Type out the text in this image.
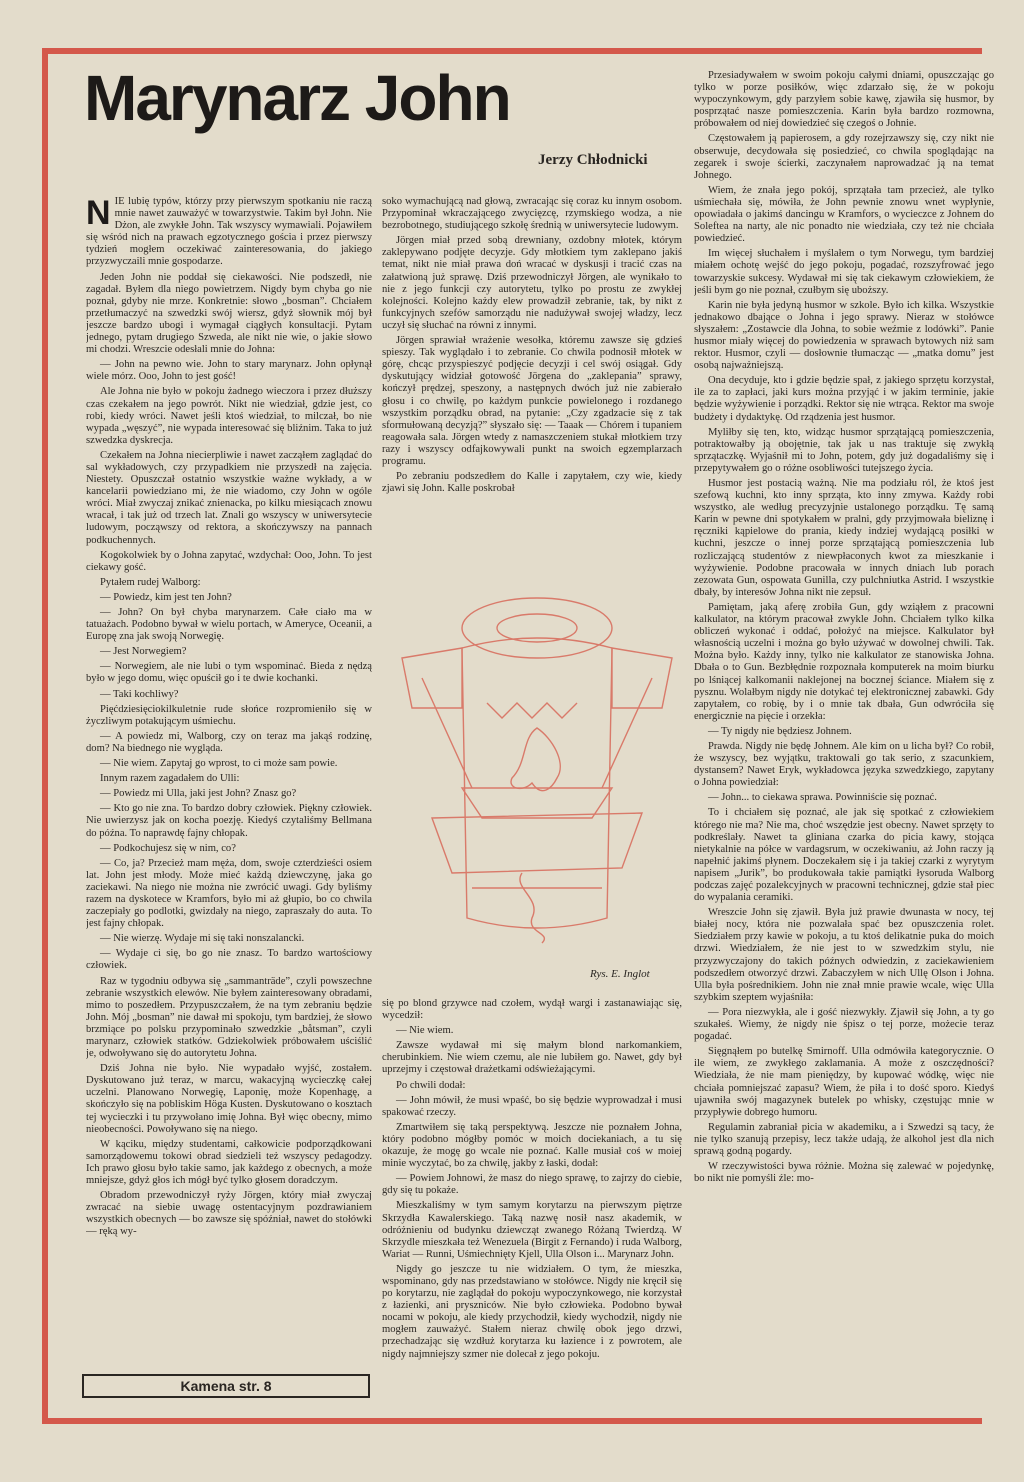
Marynarz John
Jerzy Chłodnicki

NIE lubię typów, którzy przy pierwszym spotkaniu nie raczą mnie nawet zauważyć w towarzystwie. Takim był John. Nie Dżon, ale zwykłe John. Tak wszyscy wymawiali. Pojawiłem się wśród nich na prawach egzotycznego gościa i przez pierwszy tydzień mogłem oczekiwać zainteresowania, do jakiego przyzwyczaili mnie gospodarze.

Jeden John nie poddał się ciekawości. Nie podszedł, nie zagadał. Byłem dla niego powietrzem. Nigdy bym chyba go nie poznał, gdyby nie mrze. Konkretnie: słowo „bosman”. Chciałem przetłumaczyć na szwedzki swój wiersz, gdyż słownik mój był jeszcze bardzo ubogi i wymagał ciągłych konsultacji. Pytam jednego, pytam drugiego Szweda, ale nikt nie wie, o jakie słowo mi chodzi. Wreszcie odesłali mnie do Johna:

— John na pewno wie. John to stary marynarz. John opłynął wiele mórz. Ooo, John to jest gość!

Ale Johna nie było w pokoju żadnego wieczora i przez dłuższy czas czekałem na jego powrót. Nikt nie wiedział, gdzie jest, co robi, kiedy wróci. Nawet jeśli ktoś wiedział, to milczał, bo nie wypada „węszyć”, nie wypada interesować się bliźnim. Taka to już szwedzka dyskrecja.

Czekałem na Johna niecierpliwie i nawet zacząłem zaglądać do sal wykładowych, czy przypadkiem nie przyszedł na zajęcia. Niestety. Opuszczał ostatnio wszystkie ważne wykłady, a w kancelarii powiedziano mi, że nie wiadomo, czy John w ogóle wróci. Miał zwyczaj znikać znienacka, po kilku miesiącach znowu wracał, i tak już od trzech lat. Znali go wszyscy w uniwersytecie ludowym, począwszy od rektora, a skończywszy na pannach podkuchennych.

Kogokolwiek by o Johna zapytać, wzdychał: Ooo, John. To jest ciekawy gość.

Pytałem rudej Walborg:

— Powiedz, kim jest ten John?

— John? On był chyba marynarzem. Całe ciało ma w tatuażach. Podobno bywał w wielu portach, w Ameryce, Oceanii, a Europę zna jak swoją Norwegię.

— Jest Norwegiem?

— Norwegiem, ale nie lubi o tym wspominać. Bieda z nędzą było w jego domu, więc opuścił go i te dwie kochanki.

— Taki kochliwy?

Pięćdziesięciokilkuletnie rude słońce rozpromieniło się w życzliwym potakującym uśmiechu.

— A powiedz mi, Walborg, czy on teraz ma jakąś rodzinę, dom? Na biednego nie wygląda.

— Nie wiem. Zapytaj go wprost, to ci może sam powie.

Innym razem zagadałem do Ulli:

— Powiedz mi Ulla, jaki jest John? Znasz go?

— Kto go nie zna. To bardzo dobry człowiek. Piękny człowiek. Nie uwierzysz jak on kocha poezję. Kiedyś czytaliśmy Bellmana do późna. To naprawdę fajny chłopak.

— Podkochujesz się w nim, co?

— Co, ja? Przecież mam męża, dom, swoje czterdzieści osiem lat. John jest młody. Może mieć każdą dziewczynę, jaka go zaciekawi. Na niego nie można nie zwrócić uwagi. Gdy byliśmy razem na dyskotece w Kramfors, było mi aż głupio, bo co chwila zaczepiały go podlotki, gwizdały na niego, zapraszały do auta. To jest fajny chłopak.

— Nie wierzę. Wydaje mi się taki nonszalancki.

— Wydaje ci się, bo go nie znasz. To bardzo wartościowy człowiek.

Raz w tygodniu odbywa się „sammanträde”, czyli powszechne zebranie wszystkich elewów. Nie byłem zainteresowany obradami, mimo to poszedłem. Przypuszczałem, że na tym zebraniu będzie John. Mój „bosman” nie dawał mi spokoju, tym bardziej, że słowo brzmiące po polsku przypominało szwedzkie „båtsman”, czyli marynarz, człowiek statków. Gdziekolwiek próbowałem uściślić je, odwoływano się do autorytetu Johna.

Dziś Johna nie było. Nie wypadało wyjść, zostałem. Dyskutowano już teraz, w marcu, wakacyjną wycieczkę całej uczelni. Planowano Norwegię, Laponię, może Kopenhagę, a skończyło się na pobliskim Höga Kusten. Dyskutowano o kosztach tej wycieczki i tu przywołano imię Johna. Był więc obecny, mimo nieobecności. Powoływano się na niego.

W kąciku, między studentami, całkowicie podporządkowani samorządowemu tokowi obrad siedzieli też wszyscy pedagodzy. Ich prawo głosu było takie samo, jak każdego z obecnych, a może mniejsze, gdyż głos ich mógł być tylko głosem doradczym.

Obradom przewodniczył ryży Jörgen, który miał zwyczaj zwracać na siebie uwagę ostentacyjnym pozdrawianiem wszystkich obecnych — bo zawsze się spóźniał, nawet do stołówki — ręką wy-

soko wymachującą nad głową, zwracając się coraz ku innym osobom. Przypominał wkraczającego zwycięzcę, rzymskiego wodza, a nie bezrobotnego, studiującego szkołę średnią w uniwersytecie ludowym.

Jörgen miał przed sobą drewniany, ozdobny młotek, którym zaklepywano podjęte decyzje. Gdy młotkiem tym zaklepano jakiś temat, nikt nie miał prawa doń wracać w dyskusji i tracić czas na załatwioną już sprawę. Dziś przewodniczył Jörgen, ale wynikało to nie z jego funkcji czy autorytetu, tylko po prostu ze zwykłej kolejności. Kolejno każdy elew prowadził zebranie, tak, by nikt z funkcyjnych szefów samorządu nie nadużywał swojej władzy, lecz uczył się słuchać na równi z innymi.

Jörgen sprawiał wrażenie wesołka, któremu zawsze się gdzieś spieszy. Tak wyglądało i to zebranie. Co chwila podnosił młotek w górę, chcąc przyspieszyć podjęcie decyzji i cel swój osiągał. Gdy dyskutujący widział gotowość Jörgena do „zaklepania” sprawy, kończył prędzej, speszony, a następnych dwóch już nie zabierało głosu i co chwilę, po każdym punkcie powielonego i rozdanego wszystkim porządku obrad, na pytanie: „Czy zgadzacie się z tak sformułowaną decyzją?” słyszało się: — Taaak — Chórem i tupaniem reagowała sala. Jörgen wtedy z namaszczeniem stukał młotkiem trzy razy i wszyscy odfajkowywali punkt na swoich egzemplarzach programu.

Po zebraniu podszedłem do Kalle i zapytałem, czy wie, kiedy zjawi się John. Kalle poskrobał

Rys. E. Inglot

się po blond grzywce nad czołem, wydął wargi i zastanawiając się, wycedził:

— Nie wiem.

Zawsze wydawał mi się małym blond narkomankiem, cherubinkiem. Nie wiem czemu, ale nie lubiłem go. Nawet, gdy był uprzejmy i częstował drażetkami odświeżającymi.

Po chwili dodał:

— John mówił, że musi wpaść, bo się będzie wyprowadzał i musi spakować rzeczy.

Zmartwiłem się taką perspektywą. Jeszcze nie poznałem Johna, który podobno mógłby pomóc w moich dociekaniach, a tu się okazuje, że mogę go wcale nie poznać. Kalle musiał coś w moiej minie wyczytać, bo za chwilę, jakby z łaski, dodał:

— Powiem Johnowi, że masz do niego sprawę, to zajrzy do ciebie, gdy się tu pokaże.

Mieszkaliśmy w tym samym korytarzu na pierwszym piętrze Skrzydła Kawalerskiego. Taką nazwę nosił nasz akademik, w odróżnieniu od budynku dziewcząt zwanego Różaną Twierdzą. W Skrzydle mieszkała też Wenezuela (Birgit z Fernando) i ruda Walborg, Wariat — Runni, Uśmiechnięty Kjell, Ulla Olson i... Marynarz John.

Nigdy go jeszcze tu nie widziałem. O tym, że mieszka, wspominano, gdy nas przedstawiano w stołówce. Nigdy nie kręcił się po korytarzu, nie zaglądał do pokoju wypoczynkowego, nie korzystał z łazienki, ani pryszniców. Nie było człowieka. Podobno bywał nocami w pokoju, ale kiedy przychodził, kiedy wychodził, nigdy nie mogłem zauważyć. Stałem nieraz chwilę obok jego drzwi, przechadzając się wzdłuż korytarza ku łazience i z powrotem, ale nigdy najmniejszy szmer nie dolecał z jego pokoju.

Przesiadywałem w swoim pokoju całymi dniami, opuszczając go tylko w porze posiłków, więc zdarzało się, że w pokoju wypoczynkowym, gdy parzyłem sobie kawę, zjawiła się husmor, by posprzątać nasze pomieszczenia. Karin była bardzo rozmowna, próbowałem od niej dowiedzieć się czegoś o Johnie.

Częstowałem ją papierosem, a gdy rozejrzawszy się, czy nikt nie obserwuje, decydowała się posiedzieć, co chwila spoglądając na zegarek i swoje ścierki, zaczynałem naprowadzać ją na temat Johnego.

Wiem, że znała jego pokój, sprzątała tam przecież, ale tylko uśmiechała się, mówiła, że John pewnie znowu wnet wypłynie, opowiadała o jakimś dancingu w Kramfors, o wycieczce z Johnem do Soleftea na narty, ale nic ponadto nie wiedziała, czy też nie chciała powiedzieć.

Im więcej słuchałem i myślałem o tym Norwegu, tym bardziej miałem ochotę wejść do jego pokoju, pogadać, rozszyfrować jego towarzyskie sukcesy. Wydawał mi się tak ciekawym człowiekiem, że jeśli bym go nie poznał, czułbym się uboższy.

Karin nie była jedyną husmor w szkole. Było ich kilka. Wszystkie jednakowo dbające o Johna i jego sprawy. Nieraz w stołówce słyszałem: „Zostawcie dla Johna, to sobie weźmie z lodówki”. Panie husmor miały więcej do powiedzenia w sprawach bytowych niż sam rektor. Husmor, czyli — dosłownie tłumacząc — „matka domu” jest osobą najważniejszą.

Ona decyduje, kto i gdzie będzie spał, z jakiego sprzętu korzystał, ile za to zapłaci, jaki kurs można przyjąć i w jakim terminie, jakie będzie wyżywienie i porządki. Rektor się nie wtrąca. Rektor ma swoje budżety i dydaktykę. Od rządzenia jest husmor.

Myliłby się ten, kto, widząc husmor sprzątającą pomieszczenia, potraktowałby ją obojętnie, tak jak u nas traktuje się zwykłą sprzątaczkę. Wyjaśnił mi to John, potem, gdy już dogadaliśmy się i przepytywałem go o różne osobliwości tutejszego życia.

Husmor jest postacią ważną. Nie ma podziału ról, że ktoś jest szefową kuchni, kto inny sprząta, kto inny zmywa. Każdy robi wszystko, ale według precyzyjnie ustalonego porządku. Tę samą Karin w pewne dni spotykałem w pralni, gdy przyjmowała bieliznę i ręczniki kąpielowe do prania, kiedy indziej wydającą posiłki w kuchni, jeszcze o innej porze sprzątającą pomieszczenia lub rozliczającą studentów z niewpłaconych kwot za mieszkanie i wyżywienie. Podobne pracowała w innych dniach lub porach zezowata Gun, ospowata Gunilla, czy pulchniutka Astrid. I wszystkie dbały, by interesów Johna nikt nie zepsuł.

Pamiętam, jaką aferę zrobiła Gun, gdy wziąłem z pracowni kalkulator, na którym pracował zwykle John. Chciałem tylko kilka obliczeń wykonać i oddać, położyć na miejsce. Kalkulator był własnością uczelni i można go było używać w dowolnej chwili. Tak. Można było. Każdy inny, tylko nie kalkulator ze stanowiska Johna. Dbała o to Gun. Bezbłędnie rozpoznała komputerek na moim biurku po lśniącej kalkomanii naklejonej na bocznej ściance. Miałem się z pysznu. Wolałbym nigdy nie dotykać tej elektronicznej zabawki. Gdy zapytałem, co robię, by i o mnie tak dbała, Gun odwróciła się energicznie na pięcie i orzekła:

— Ty nigdy nie będziesz Johnem.

Prawda. Nigdy nie będę Johnem. Ale kim on u licha był? Co robił, że wszyscy, bez wyjątku, traktowali go tak serio, z szacunkiem, dystansem? Nawet Eryk, wykładowca języka szwedzkiego, zapytany o Johna powiedział:

— John... to ciekawa sprawa. Powinniście się poznać.

To i chciałem się poznać, ale jak się spotkać z człowiekiem którego nie ma? Nie ma, choć wszędzie jest obecny. Nawet sprzęty to podkreślały. Nawet ta gliniana czarka do picia kawy, stojąca nietykalnie na półce w vardagsrum, w oczekiwaniu, aż John raczy ją napełnić jakimś płynem. Doczekałem się i ja takiej czarki z wyrytym napisem „Jurik”, bo produkowała takie pamiątki łysoruda Walborg podczas zajęć pozalekcyjnych w pracowni technicznej, gdzie stał piec do wypalania ceramiki.

Wreszcie John się zjawił. Była już prawie dwunasta w nocy, tej białej nocy, która nie pozwalała spać bez opuszczenia rolet. Siedziałem przy kawie w pokoju, a tu ktoś delikatnie puka do moich drzwi. Wiedziałem, że nie jest to w szwedzkim stylu, nie przyzwyczajony do takich późnych odwiedzin, z zaciekawieniem podszedłem otworzyć drzwi. Zabaczyłem w nich Ullę Olson i Johna. Ulla była pośrednikiem. John nie znał mnie prawie wcale, więc Ulla szybkim szeptem wyjaśniła:

— Pora niezwykła, ale i gość niezwykły. Zjawił się John, a ty go szukałeś. Wiemy, że nigdy nie śpisz o tej porze, możecie teraz pogadać.

Sięgnąłem po butelkę Smirnoff. Ulla odmówiła kategorycznie. O ile wiem, ze zwykłego zaklamania. A może z oszczędności? Wiedziała, że nie mam pieniędzy, by kupować wódkę, więc nie chciała pomniejszać zapasu? Wiem, że piła i to dość sporo. Kiedyś ujawniła swój magazynek butelek po whisky, częstując mnie w przypływie dobrego humoru.

Regulamin zabraniał picia w akademiku, a i Szwedzi są tacy, że nie tylko szanują przepisy, lecz także udają, że alkohol jest dla nich sprawą godną pogardy.

W rzeczywistości bywa różnie. Można się zalewać w pojedynkę, bo nikt nie pomyśli źle: mo-

Kamena str. 8
